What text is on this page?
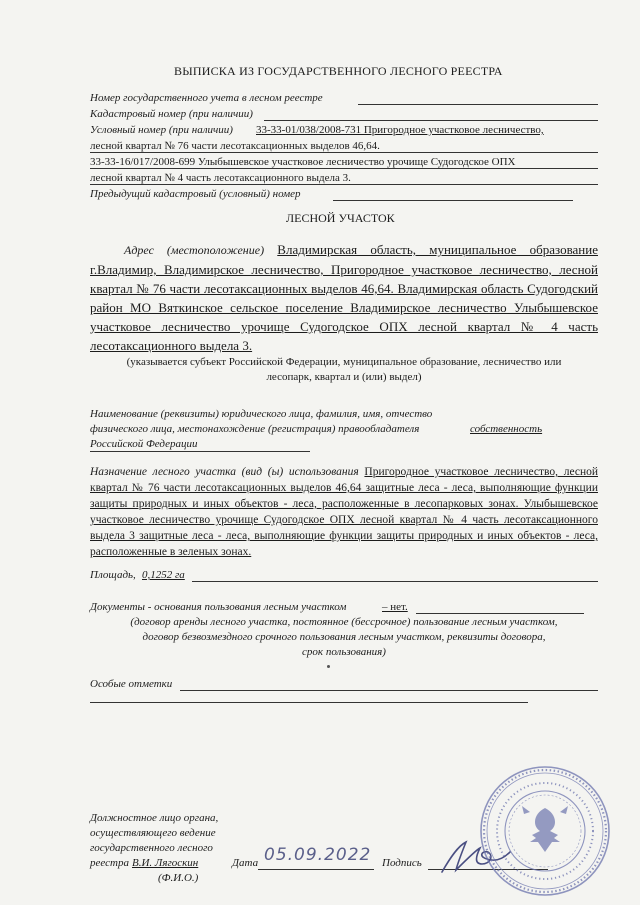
ВЫПИСКА ИЗ ГОСУДАРСТВЕННОГО ЛЕСНОГО РЕЕСТРА
Номер государственного учета в лесном реестре
Кадастровый номер (при наличии)
Условный номер (при наличии) 33-33-01/038/2008-731 Пригородное участковое лесничество,
лесной квартал № 76 части лесотаксационных выделов 46,64.
33-33-16/017/2008-699 Улыбышевское участковое лесничество урочище Судогодское ОПХ
лесной квартал № 4 часть лесотаксационного выдела 3.
Предыдущий кадастровый (условный) номер
ЛЕСНОЙ УЧАСТОК
Адрес (местоположение) Владимирская область, муниципальное образование г.Владимир, Владимирское лесничество, Пригородное участковое лесничество, лесной квартал № 76 части лесотаксационных выделов 46,64. Владимирская область Судогодский район МО Вяткинское сельское поселение Владимирское лесничество Улыбышевское участковое лесничество урочище Судогодское ОПХ лесной квартал № 4 часть лесотаксационного выдела 3.
(указывается субъект Российской Федерации, муниципальное образование, лесничество или
лесопарк, квартал и (или) выдел)
Наименование (реквизиты) юридического лица, фамилия, имя, отчество
физического лица, местонахождение (регистрация) правообладателя	собственность
Российской Федерации
Назначение лесного участка (вид (ы) использования Пригородное участковое лесничество, лесной квартал № 76 части лесотаксационных выделов 46,64 защитные леса - леса, выполняющие функции защиты природных и иных объектов - леса, расположенные в лесопарковых зонах. Улыбышевское участковое лесничество урочище Судогодское ОПХ лесной квартал № 4 часть лесотаксационного выдела 3 защитные леса - леса, выполняющие функции защиты природных и иных объектов - леса, расположенные в зеленых зонах.
Площадь, 0,1252 га
Документы - основания пользования лесным участком	– нет.
(договор аренды лесного участка, постоянное (бессрочное) пользование лесным участком,
договор безвозмездного срочного пользования лесным участком, реквизиты договора,
срок пользования)
Особые отметки
Должностное лицо органа,
осуществляющего ведение
государственного лесного
реестра В.И. Лягоскин
(Ф.И.О.)
Дата 05.09.2022 Подпись
